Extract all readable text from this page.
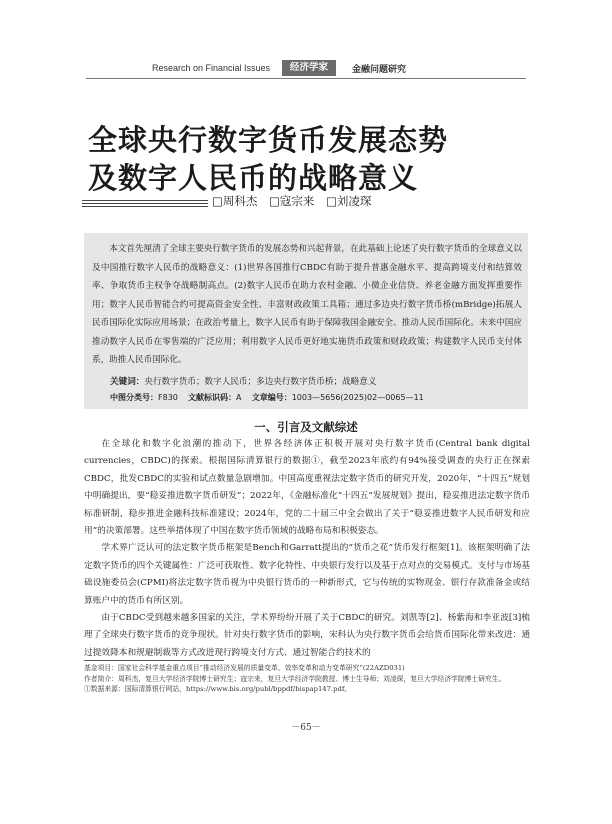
Research on Financial Issues	经济学家	金融问题研究
全球央行数字货币发展态势
及数字人民币的战略意义
□周科杰 □寇宗来 □刘凌琛
本文首先厘清了全球主要央行数字货币的发展态势和兴起背景，在此基础上论述了央行数字货币的全球意义以及中国推行数字人民币的战略意义：(1)世界各国推行CBDC有助于提升普惠金融水平、提高跨境支付和结算效率、争取货币主权争夺战略制高点。(2)数字人民币在助力农村金融、小微企业信贷、养老金融方面发挥重要作用；数字人民币智能合约可提高资金安全性、丰富财政政策工具箱；通过多边央行数字货币桥(mBridge)拓展人民币国际化实际应用场景；在政治考量上，数字人民币有助于保障我国金融安全、推动人民币国际化。未来中国应推动数字人民币在零售端的广泛应用；利用数字人民币更好地实施货币政策和财政政策；构建数字人民币支付体系，助推人民币国际化。
关键词：央行数字货币；数字人民币；多边央行数字货币桥；战略意义
中图分类号：F830 文献标识码：A 文章编号：1003—5656(2025)02—0065—11
一、引言及文献综述

在全球化和数字化浪潮的推动下，世界各经济体正积极开展对央行数字货币(Central bank digital currencies，CBDC)的探索。根据国际清算银行的数据①，截至2023年底约有94%接受调查的央行正在探索CBDC，批发CBDC的实验和试点数量急剧增加。中国高度重视法定数字货币的研究开发，2020年，“十四五”规划中明确提出，要“稳妥推进数字货币研发”；2022年，《金融标准化“十四五”发展规划》提出，稳妥推进法定数字货币标准研制，稳步推进金融科技标准建设；2024年，党的二十届三中全会做出了关于“稳妥推进数字人民币研发和应用”的决策部署。这些举措体现了中国在数字货币领域的战略布局和积极姿态。

学术界广泛认可的法定数字货币框架是Bench和Garratt提出的“货币之花”货币发行框架[1]。该框架明确了法定数字货币的四个关键属性：广泛可获取性、数字化特性、中央银行发行以及基于点对点的交易模式。支付与市场基础设施委员会(CPMI)将法定数字货币视为中央银行货币的一种新形式，它与传统的实物现金、银行存款准备金或结算账户中的货币有所区别。

由于CBDC受到越来越多国家的关注，学术界纷纷开展了关于CBDC的研究。刘凯等[2]、杨紫海和李亚波[3]梳理了全球央行数字货币的竞争现状。针对央行数字货币的影响，宋科认为央行数字货币会给货币国际化带来改进：通过提效降本和规避制裁等方式改进现行跨境支付方式、通过智能合约技术的

基金项目：国家社会科学基金重点项目“推动经济发展的质量变革、效率变革和动力变革研究”(22AZD031)

作者简介：周科杰，复旦大学经济学院博士研究生；寇宗来，复旦大学经济学院教授、博士生导师；刘凌琛，复旦大学经济学院博士研究生。

①数据来源：国际清算银行网站，https://www.bis.org/publ/bppdf/bispap147.pdf。

－65－
